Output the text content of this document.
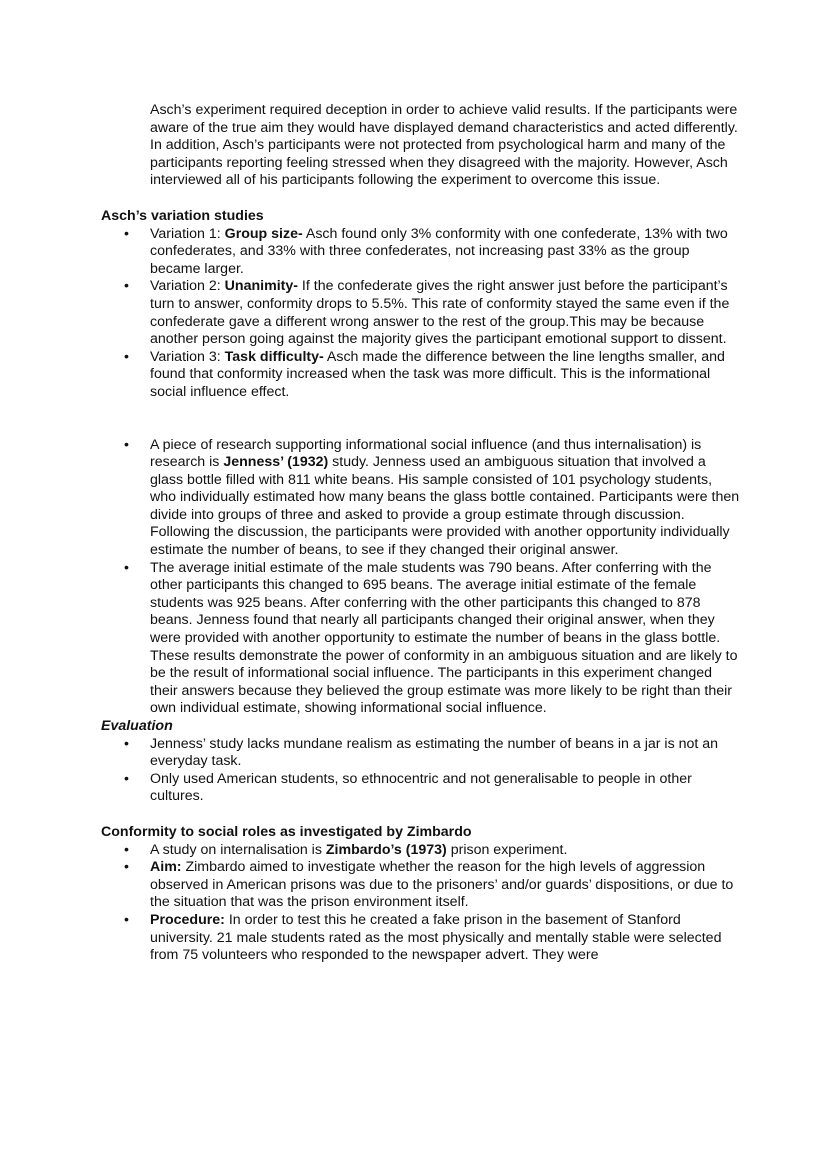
Asch’s experiment required deception in order to achieve valid results. If the participants were aware of the true aim they would have displayed demand characteristics and acted differently. In addition, Asch’s participants were not protected from psychological harm and many of the participants reporting feeling stressed when they disagreed with the majority. However, Asch interviewed all of his participants following the experiment to overcome this issue.

Asch’s variation studies
• Variation 1: Group size- Asch found only 3% conformity with one confederate, 13% with two confederates, and 33% with three confederates, not increasing past 33% as the group became larger.
• Variation 2: Unanimity- If the confederate gives the right answer just before the participant’s turn to answer, conformity drops to 5.5%. This rate of conformity stayed the same even if the confederate gave a different wrong answer to the rest of the group.This may be because another person going against the majority gives the participant emotional support to dissent.
• Variation 3: Task difficulty- Asch made the difference between the line lengths smaller, and found that conformity increased when the task was more difficult. This is the informational social influence effect.
• A piece of research supporting informational social influence (and thus internalisation) is research is Jenness’ (1932) study. Jenness used an ambiguous situation that involved a glass bottle filled with 811 white beans. His sample consisted of 101 psychology students, who individually estimated how many beans the glass bottle contained. Participants were then divide into groups of three and asked to provide a group estimate through discussion. Following the discussion, the participants were provided with another opportunity individually estimate the number of beans, to see if they changed their original answer.
• The average initial estimate of the male students was 790 beans. After conferring with the other participants this changed to 695 beans. The average initial estimate of the female students was 925 beans. After conferring with the other participants this changed to 878 beans. Jenness found that nearly all participants changed their original answer, when they were provided with another opportunity to estimate the number of beans in the glass bottle. These results demonstrate the power of conformity in an ambiguous situation and are likely to be the result of informational social influence. The participants in this experiment changed their answers because they believed the group estimate was more likely to be right than their own individual estimate, showing informational social influence.
Evaluation
• Jenness’ study lacks mundane realism as estimating the number of beans in a jar is not an everyday task.
• Only used American students, so ethnocentric and not generalisable to people in other cultures.
Conformity to social roles as investigated by Zimbardo
• A study on internalisation is Zimbardo’s (1973) prison experiment.
• Aim: Zimbardo aimed to investigate whether the reason for the high levels of aggression observed in American prisons was due to the prisoners’ and/or guards’ dispositions, or due to the situation that was the prison environment itself.
• Procedure: In order to test this he created a fake prison in the basement of Stanford university. 21 male students rated as the most physically and mentally stable were selected from 75 volunteers who responded to the newspaper advert. They were
